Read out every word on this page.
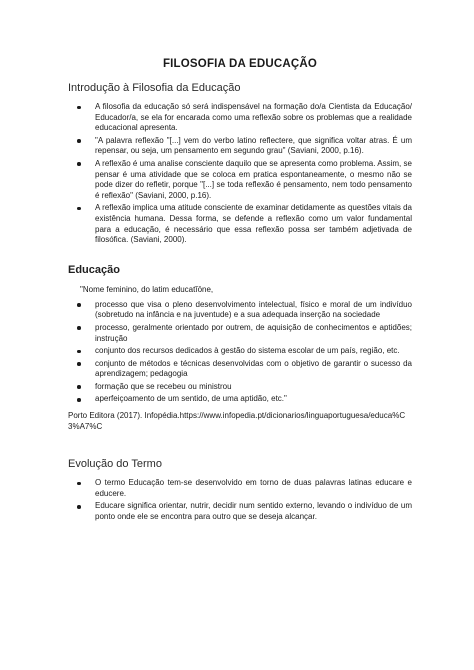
FILOSOFIA DA EDUCAÇÃO
Introdução à Filosofia da Educação
A filosofia da educação só será indispensável na formação do/a Cientista da Educação/ Educador/a, se ela for encarada como uma reflexão sobre os problemas que a realidade educacional apresenta.
"A palavra reflexão "[...] vem do verbo latino reflectere, que significa voltar atras. É um repensar, ou seja, um pensamento em segundo grau" (Saviani, 2000, p.16).
A reflexão é uma analise consciente daquilo que se apresenta como problema. Assim, se pensar é uma atividade que se coloca em pratica espontaneamente, o mesmo não se pode dizer do refletir, porque "[...] se toda reflexão é pensamento, nem todo pensamento é reflexão" (Saviani, 2000, p.16).
A reflexão implica uma atitude consciente de examinar detidamente as questões vitais da existência humana. Dessa forma, se defende a reflexão como um valor fundamental para a educação, é necessário que essa reflexão possa ser também adjetivada de filosófica. (Saviani, 2000).
Educação

"Nome feminino, do latim educatĭōne,

processo que visa o pleno desenvolvimento intelectual, físico e moral de um indivíduo (sobretudo na infância e na juventude) e a sua adequada inserção na sociedade
processo, geralmente orientado por outrem, de aquisição de conhecimentos e aptidões; instrução
conjunto dos recursos dedicados à gestão do sistema escolar de um país, região, etc.
conjunto de métodos e técnicas desenvolvidas com o objetivo de garantir o sucesso da aprendizagem; pedagogia
formação que se recebeu ou ministrou
aperfeiçoamento de um sentido, de uma aptidão, etc."

Porto Editora (2017). Infopédia.https://www.infopedia.pt/dicionarios/linguaportuguesa/educa%C3%A7%C

Evolução do Termo
O termo Educação tem-se desenvolvido em torno de duas palavras latinas educare e educere.
Educare significa orientar, nutrir, decidir num sentido externo, levando o indivíduo de um ponto onde ele se encontra para outro que se deseja alcançar.
